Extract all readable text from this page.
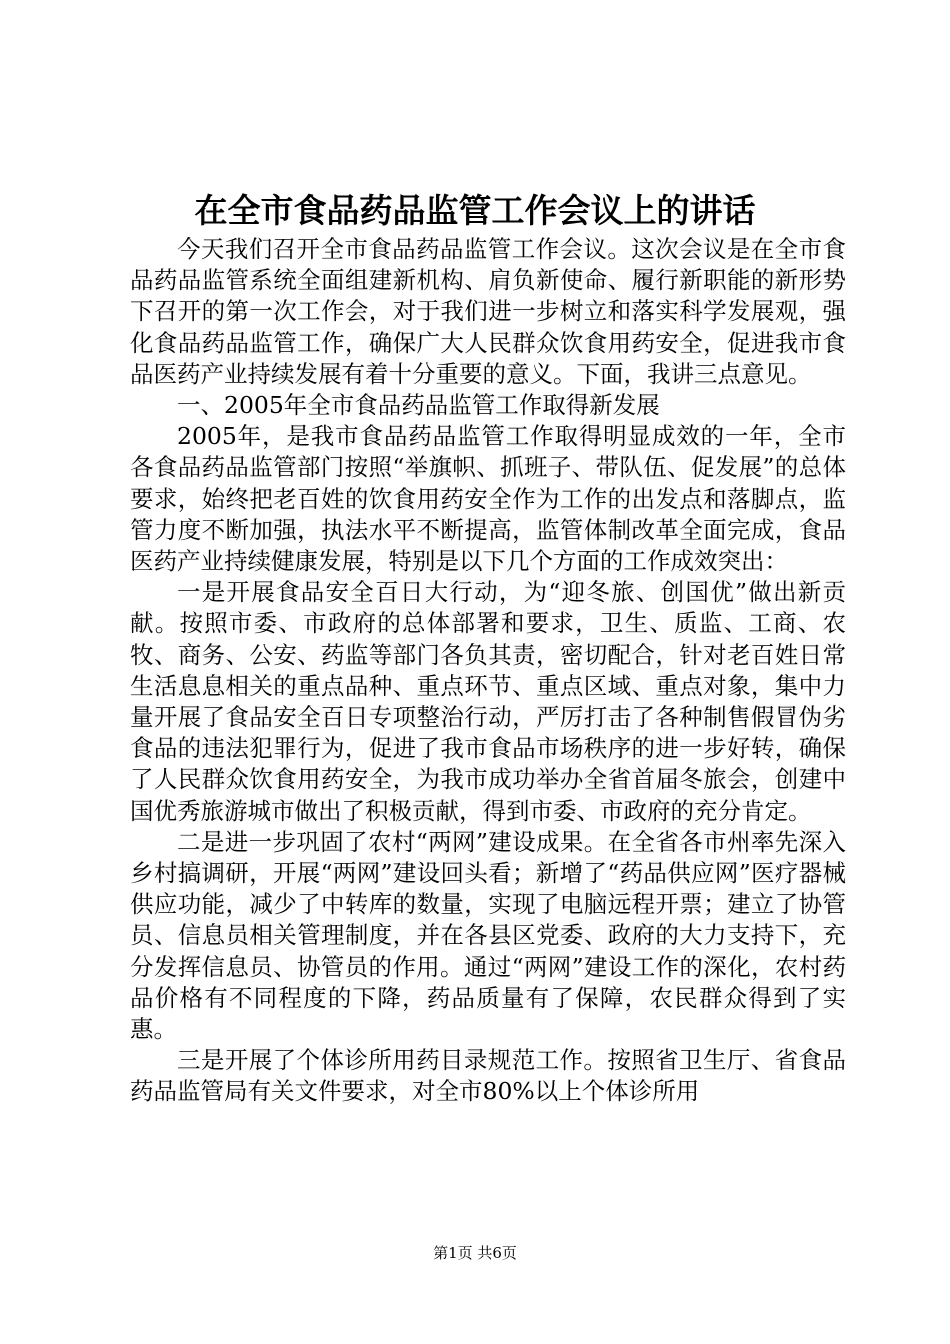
在全市食品药品监管工作会议上的讲话

今天我们召开全市食品药品监管工作会议。这次会议是在全市食品药品监管系统全面组建新机构、肩负新使命、履行新职能的新形势下召开的第一次工作会，对于我们进一步树立和落实科学发展观，强化食品药品监管工作，确保广大人民群众饮食用药安全，促进我市食品医药产业持续发展有着十分重要的意义。下面，我讲三点意见。

一、2005年全市食品药品监管工作取得新发展

2005年，是我市食品药品监管工作取得明显成效的一年，全市各食品药品监管部门按照“举旗帜、抓班子、带队伍、促发展”的总体要求，始终把老百姓的饮食用药安全作为工作的出发点和落脚点，监管力度不断加强，执法水平不断提高，监管体制改革全面完成，食品医药产业持续健康发展，特别是以下几个方面的工作成效突出：

一是开展食品安全百日大行动，为“迎冬旅、创国优”做出新贡献。按照市委、市政府的总体部署和要求，卫生、质监、工商、农牧、商务、公安、药监等部门各负其责，密切配合，针对老百姓日常生活息息相关的重点品种、重点环节、重点区域、重点对象，集中力量开展了食品安全百日专项整治行动，严厉打击了各种制售假冒伪劣食品的违法犯罪行为，促进了我市食品市场秩序的进一步好转，确保了人民群众饮食用药安全，为我市成功举办全省首届冬旅会，创建中国优秀旅游城市做出了积极贡献，得到市委、市政府的充分肯定。

二是进一步巩固了农村“两网”建设成果。在全省各市州率先深入乡村搞调研，开展“两网”建设回头看；新增了“药品供应网”医疗器械供应功能，减少了中转库的数量，实现了电脑远程开票；建立了协管员、信息员相关管理制度，并在各县区党委、政府的大力支持下，充分发挥信息员、协管员的作用。通过“两网”建设工作的深化，农村药品价格有不同程度的下降，药品质量有了保障，农民群众得到了实惠。

三是开展了个体诊所用药目录规范工作。按照省卫生厅、省食品药品监管局有关文件要求，对全市80%以上个体诊所用

第1页 共6页
